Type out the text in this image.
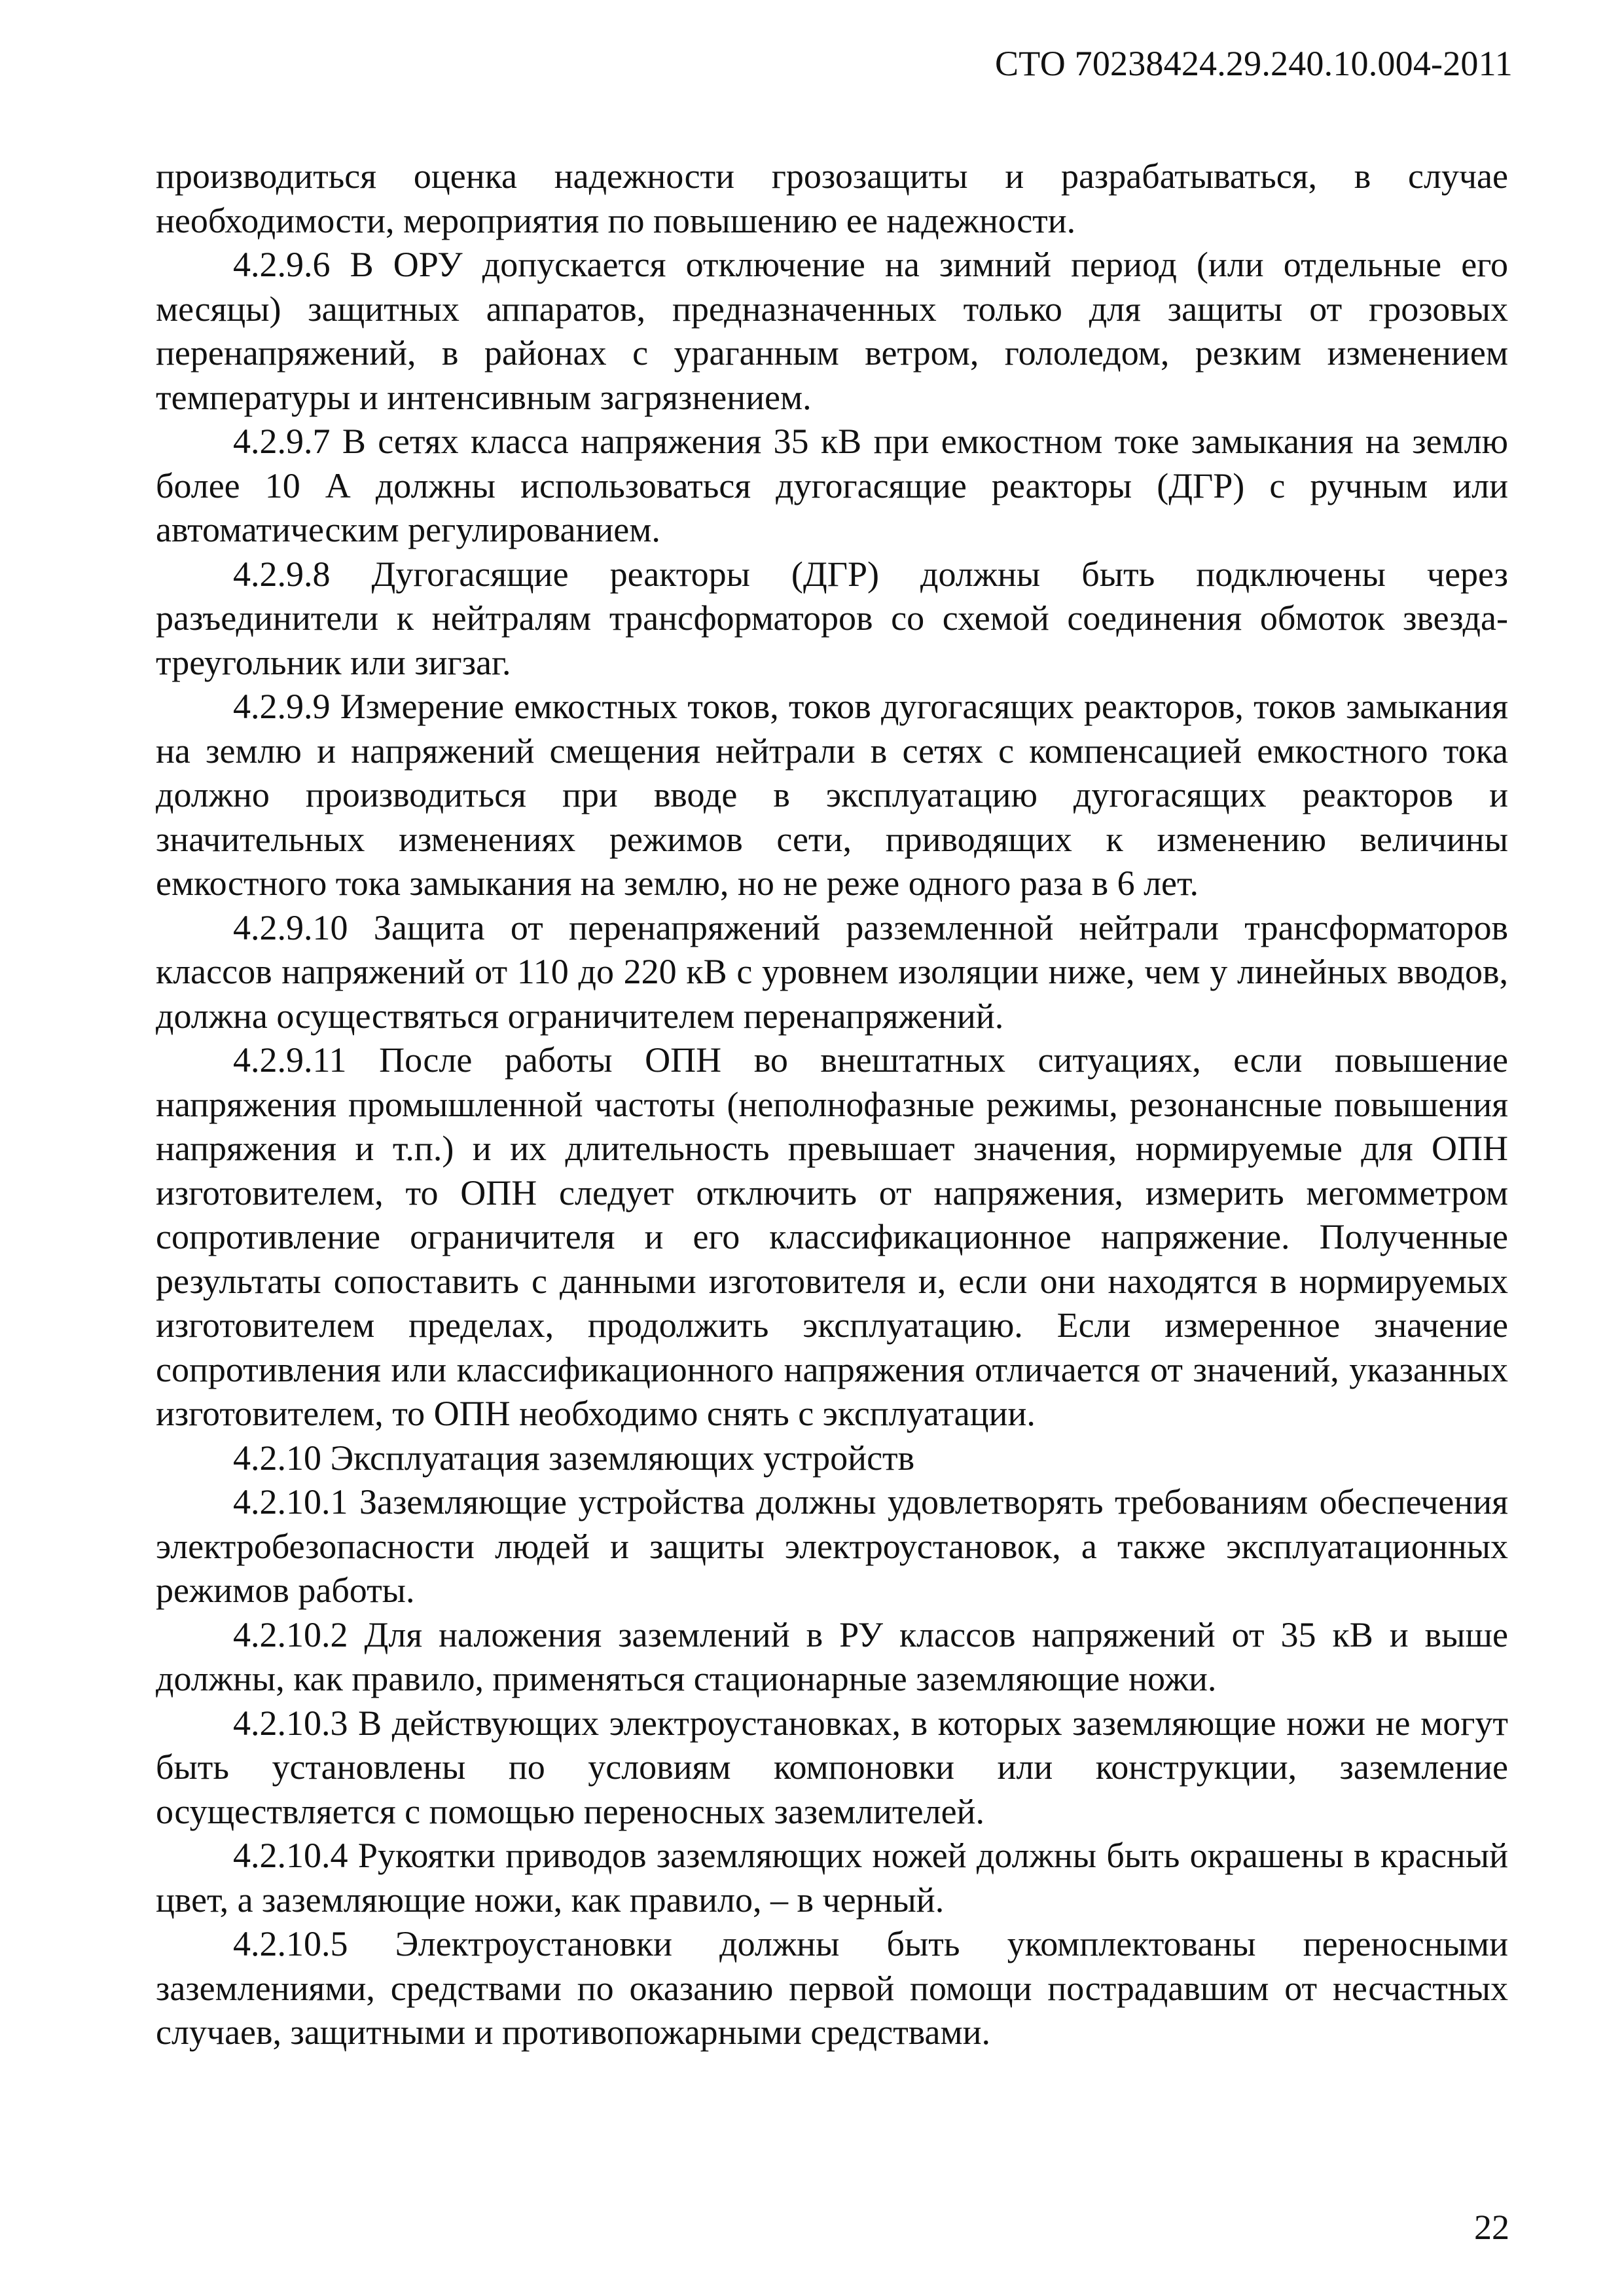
СТО 70238424.29.240.10.004-2011

производиться оценка надежности грозозащиты и разрабатываться, в случае необходимости, мероприятия по повышению ее надежности.

4.2.9.6 В ОРУ допускается отключение на зимний период (или отдельные его месяцы) защитных аппаратов, предназначенных только для защиты от грозовых перенапряжений, в районах с ураганным ветром, гололедом, резким изменением температуры и интенсивным загрязнением.

4.2.9.7 В сетях класса напряжения 35 кВ при емкостном токе замыкания на землю более 10 А должны использоваться дугогасящие реакторы (ДГР) с ручным или автоматическим регулированием.

4.2.9.8 Дугогасящие реакторы (ДГР) должны быть подключены через разъединители к нейтралям трансформаторов со схемой соединения обмоток звезда-треугольник или зигзаг.

4.2.9.9 Измерение емкостных токов, токов дугогасящих реакторов, токов замыкания на землю и напряжений смещения нейтрали в сетях с компенсацией емкостного тока должно производиться при вводе в эксплуатацию дугогасящих реакторов и значительных изменениях режимов сети, приводящих к изменению величины емкостного тока замыкания на землю, но не реже одного раза в 6 лет.

4.2.9.10 Защита от перенапряжений разземленной нейтрали трансформаторов классов напряжений от 110 до 220 кВ с уровнем изоляции ниже, чем у линейных вводов, должна осуществяться ограничителем перенапряжений.

4.2.9.11 После работы ОПН во внештатных ситуациях, если повышение напряжения промышленной частоты (неполнофазные режимы, резонансные повышения напряжения и т.п.) и их длительность превышает значения, нормируемые для ОПН изготовителем, то ОПН следует отключить от напряжения, измерить мегомметром сопротивление ограничителя и его классификационное напряжение. Полученные результаты сопоставить с данными изготовителя и, если они находятся в нормируемых изготовителем пределах, продолжить эксплуатацию. Если измеренное значение сопротивления или классификационного напряжения отличается от значений, указанных изготовителем, то ОПН необходимо снять с эксплуатации.

4.2.10 Эксплуатация заземляющих устройств

4.2.10.1 Заземляющие устройства должны удовлетворять требованиям обеспечения электробезопасности людей и защиты электроустановок, а также эксплуатационных режимов работы.

4.2.10.2 Для наложения заземлений в РУ классов напряжений от 35 кВ и выше должны, как правило, применяться стационарные заземляющие ножи.

4.2.10.3 В действующих электроустановках, в которых заземляющие ножи не могут быть установлены по условиям компоновки или конструкции, заземление осуществляется с помощью переносных заземлителей.

4.2.10.4 Рукоятки приводов заземляющих ножей должны быть окрашены в красный цвет, а заземляющие ножи, как правило, – в черный.

4.2.10.5 Электроустановки должны быть укомплектованы переносными заземлениями, средствами по оказанию первой помощи пострадавшим от несчастных случаев, защитными и противопожарными средствами.

22
